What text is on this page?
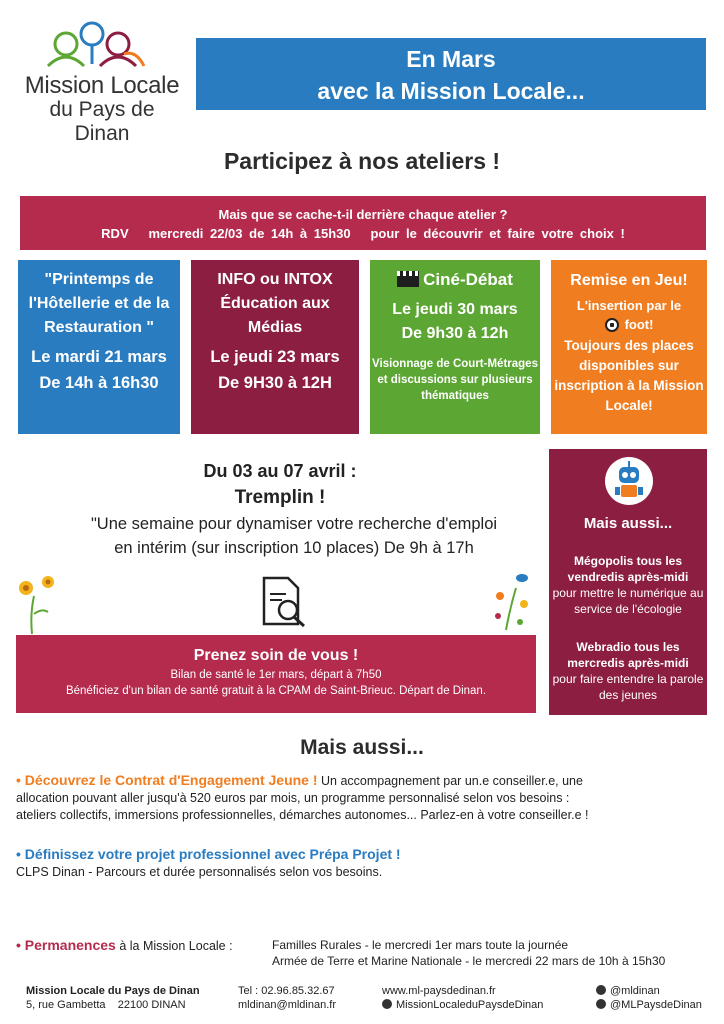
Mission Locale
du Pays de Dinan
En Mars
avec la Mission Locale...
Participez à nos ateliers !
Mais que se cache-t-il derrière chaque atelier ?
RDV   mercredi 22/03 de 14h à 15h30   pour le découvrir et faire votre choix !
"Printemps de l'Hôtellerie et de la Restauration "
Le mardi 21 mars
De 14h à 16h30
INFO ou INTOX Éducation aux Médias
Le jeudi 23 mars
De 9H30 à 12H
Ciné-Débat
Le jeudi 30 mars
De 9h30 à 12h
Visionnage de Court-Métrages et discussions sur plusieurs thématiques
Remise en Jeu!
L'insertion par le
foot!
Toujours des places disponibles sur inscription à la Mission Locale!
Du 03 au 07 avril :
Tremplin !
"Une semaine pour dynamiser votre recherche d'emploi
en intérim (sur inscription 10 places) De 9h à 17h
Mais aussi...
Mégopolis tous les vendredis après-midi
pour mettre le numérique au service de l'écologie
Webradio tous les mercredis après-midi
pour faire entendre la parole des jeunes
Prenez soin de vous !
Bilan de santé le 1er mars, départ à 7h50
Bénéficiez d'un bilan de santé gratuit à la CPAM de Saint-Brieuc. Départ de Dinan.
Mais aussi...
• Découvrez le Contrat d'Engagement Jeune ! Un accompagnement par un.e conseiller.e, une
allocation pouvant aller jusqu'à 520 euros par mois, un programme personnalisé selon vos besoins :
ateliers collectifs, immersions professionnelles, démarches autonomes... Parlez-en à votre conseiller.e !
• Définissez votre projet professionnel avec Prépa Projet !
CLPS Dinan - Parcours et durée personnalisés selon vos besoins.
• Permanences à la Mission Locale :	Familles Rurales - le mercredi 1er mars toute la journée
Armée de Terre et Marine Nationale - le mercredi 22 mars de 10h à 15h30
Mission Locale du Pays de Dinan
5, rue Gambetta    22100 DINAN
Tel : 02.96.85.32.67
mldinan@mldinan.fr
www.ml-paysdedinan.fr
MissionLocaleduPaysdeDinan
@mldinan
@MLPaysdeDinan
